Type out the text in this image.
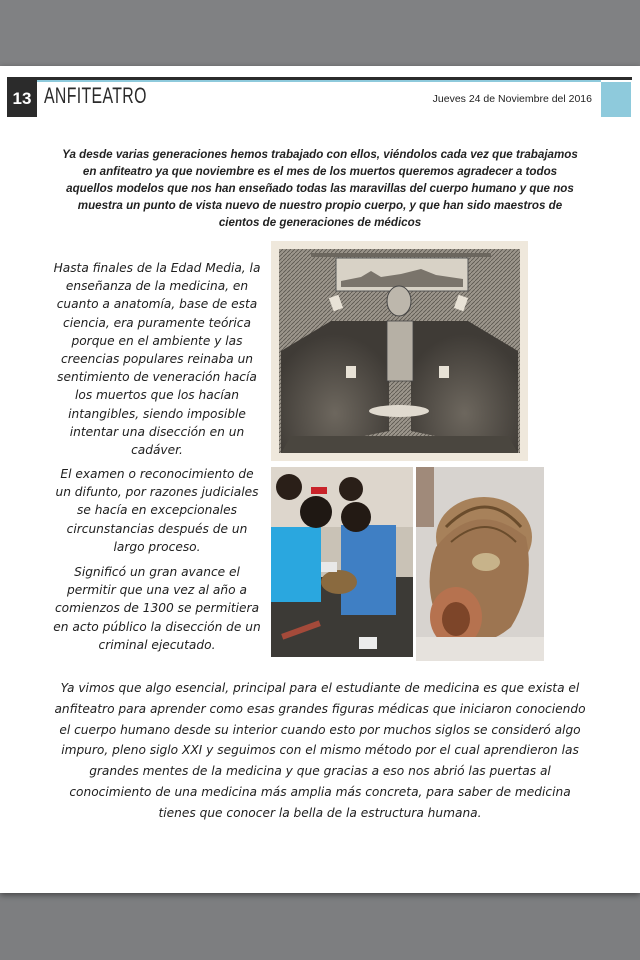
13 ANFITEATRO	Jueves 24 de Noviembre del 2016
Ya desde varias generaciones hemos trabajado con ellos, viéndolos cada vez que trabajamos en anfiteatro ya que noviembre es el mes de los muertos queremos agradecer a todos aquellos modelos que nos han enseñado todas las maravillas del cuerpo humano y que nos muestra un punto de vista nuevo de nuestro propio cuerpo, y que han sido maestros de cientos de generaciones de médicos

Hasta finales de la Edad Media, la enseñanza de la medicina, en cuanto a anatomía, base de esta ciencia, era puramente teórica porque en el ambiente y las creencias populares reinaba un sentimiento de veneración hacía los muertos que los hacían intangibles, siendo imposible intentar una disección en un cadáver.

El examen o reconocimiento de un difunto, por razones judiciales se hacía en excepcionales circunstancias después de un largo proceso.

Significó un gran avance el permitir que una vez al año a comienzos de 1300 se permitiera en acto público la disección de un criminal ejecutado.

Ya vimos que algo esencial, principal para el estudiante de medicina es que exista el anfiteatro para aprender como esas grandes figuras médicas que iniciaron conociendo el cuerpo humano desde su interior cuando esto por muchos siglos se consideró algo impuro, pleno siglo XXI y seguimos con el mismo método por el cual aprendieron las grandes mentes de la medicina y que gracias a eso nos abrió las puertas al conocimiento de una medicina más amplia más concreta, para saber de medicina tienes que conocer la bella de la estructura humana.
